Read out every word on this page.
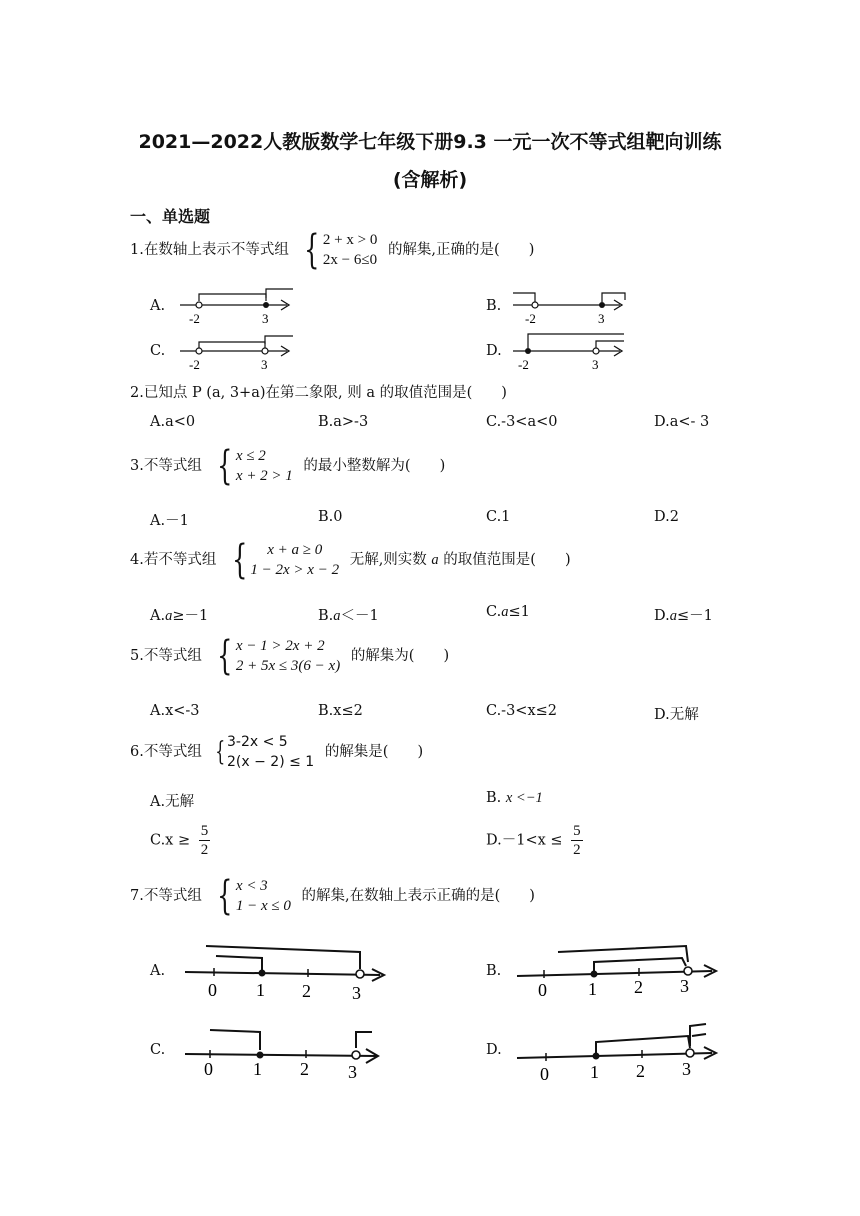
2021—2022人教版数学七年级下册9.3 一元一次不等式组靶向训练
(含解析)
一、单选题
1.在数轴上表示不等式组 { 2 + x > 0
2x − 6≤0
的解集,正确的是(　　)
A.
-2	3
B.
-2	3
C.
-2	3
D.
-2	3
2.已知点 P (a, 3+a)在第二象限, 则 a 的取值范围是(　　)
A.a<0	B.a>-3	C.-3<a<0	D.a<- 3
3.不等式组 { x ≤ 2
x + 2 > 1
的最小整数解为(　　)
A.－1	B.0	C.1	D.2
4.若不等式组 { x + a ≥ 0
1 − 2x > x − 2
无解,则实数 a 的取值范围是(　　)
A.a≥－1	B.a＜－1	C.a≤1	D.a≤－1
5.不等式组 { x − 1 > 2x + 2
2 + 5x ≤ 3(6 − x)
的解集为(　　)
A.x<-3	B.x≤2	C.-3<x≤2	D.无解
6.不等式组 { 3-2x < 5
2(x − 2) ≤ 1
的解集是(　　)
A.无解	B. x <−1
$C.x \ge \frac{5}{2}$	$D.-1<x \le \frac{5}{2}$
7.不等式组 { x < 3
1 − x ≤ 0
的解集,在数轴上表示正确的是(　　)
A.
0 1 2 3
B.
0 1 2 3
C.
0 1 2 3
D.
0 1 2 3
